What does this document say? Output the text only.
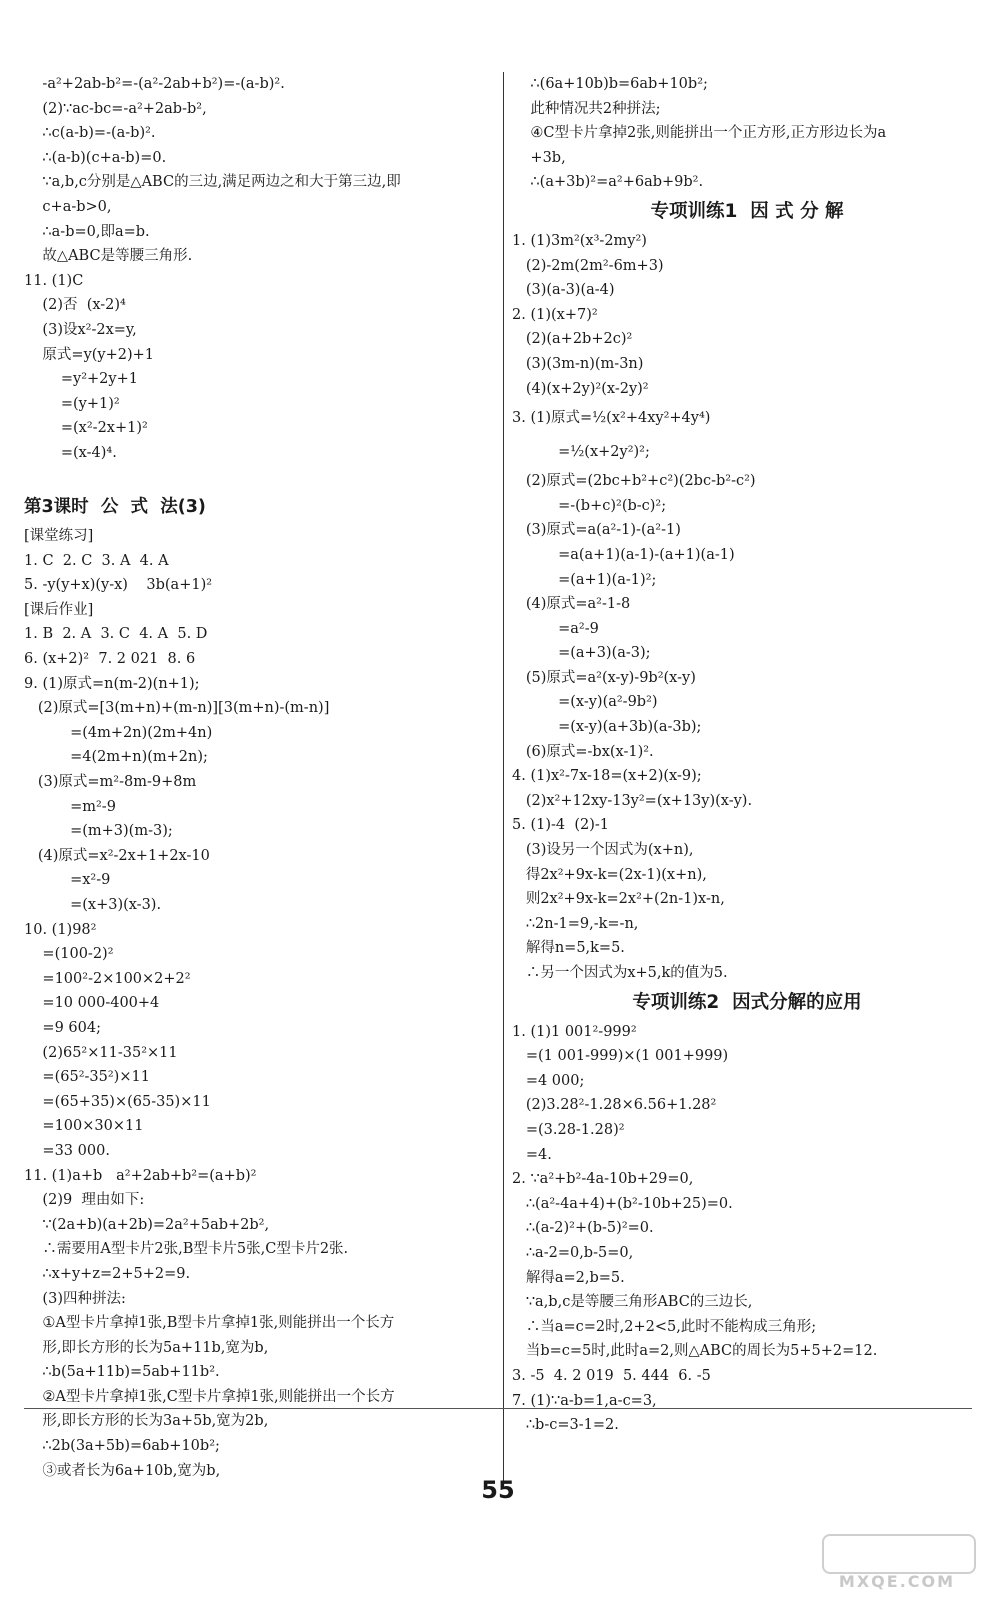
-a²+2ab-b²=-(a²-2ab+b²)=-(a-b)².
(2)∵ac-bc=-a²+2ab-b²,
∴c(a-b)=-(a-b)².
∴(a-b)(c+a-b)=0.
∵a,b,c分别是△ABC的三边,满足两边之和大于第三边,即
c+a-b>0,
∴a-b=0,即a=b.
故△ABC是等腰三角形.
11. (1)C
(2)否  (x-2)⁴
(3)设x²-2x=y,
原式=y(y+2)+1
=y²+2y+1
=(y+1)²
=(x²-2x+1)²
=(x-4)⁴.
第3课时  公  式  法(3)
[课堂练习]
1. C  2. C  3. A  4. A
5. -y(y+x)(y-x)    3b(a+1)²
[课后作业]
1. B  2. A  3. C  4. A  5. D
6. (x+2)²  7. 2 021  8. 6
9. (1)原式=n(m-2)(n+1);
(2)原式=[3(m+n)+(m-n)][3(m+n)-(m-n)]
=(4m+2n)(2m+4n)
=4(2m+n)(m+2n);
(3)原式=m²-8m-9+8m
=m²-9
=(m+3)(m-3);
(4)原式=x²-2x+1+2x-10
=x²-9
=(x+3)(x-3).
10. (1)98²
=(100-2)²
=100²-2×100×2+2²
=10 000-400+4
=9 604;
(2)65²×11-35²×11
=(65²-35²)×11
=(65+35)×(65-35)×11
=100×30×11
=33 000.
11. (1)a+b   a²+2ab+b²=(a+b)²
(2)9  理由如下:
∵(2a+b)(a+2b)=2a²+5ab+2b²,
∴需要用A型卡片2张,B型卡片5张,C型卡片2张.
∴x+y+z=2+5+2=9.
(3)四种拼法:
①A型卡片拿掉1张,B型卡片拿掉1张,则能拼出一个长方
形,即长方形的长为5a+11b,宽为b,
∴b(5a+11b)=5ab+11b².
②A型卡片拿掉1张,C型卡片拿掉1张,则能拼出一个长方
形,即长方形的长为3a+5b,宽为2b,
∴2b(3a+5b)=6ab+10b²;
③或者长为6a+10b,宽为b,
∴(6a+10b)b=6ab+10b²;
此种情况共2种拼法;
④C型卡片拿掉2张,则能拼出一个正方形,正方形边长为a
+3b,
∴(a+3b)²=a²+6ab+9b².
专项训练1  因 式 分 解
1. (1)3m²(x³-2my²)
(2)-2m(2m²-6m+3)
(3)(a-3)(a-4)
2. (1)(x+7)²
(2)(a+2b+2c)²
(3)(3m-n)(m-3n)
(4)(x+2y)²(x-2y)²
3. (1)原式=½(x²+4xy²+4y⁴)
=½(x+2y²)²;
(2)原式=(2bc+b²+c²)(2bc-b²-c²)
=-(b+c)²(b-c)²;
(3)原式=a(a²-1)-(a²-1)
=a(a+1)(a-1)-(a+1)(a-1)
=(a+1)(a-1)²;
(4)原式=a²-1-8
=a²-9
=(a+3)(a-3);
(5)原式=a²(x-y)-9b²(x-y)
=(x-y)(a²-9b²)
=(x-y)(a+3b)(a-3b);
(6)原式=-bx(x-1)².
4. (1)x²-7x-18=(x+2)(x-9);
(2)x²+12xy-13y²=(x+13y)(x-y).
5. (1)-4  (2)-1
(3)设另一个因式为(x+n),
得2x²+9x-k=(2x-1)(x+n),
则2x²+9x-k=2x²+(2n-1)x-n,
∴2n-1=9,-k=-n,
解得n=5,k=5.
∴另一个因式为x+5,k的值为5.
专项训练2  因式分解的应用
1. (1)1 001²-999²
=(1 001-999)×(1 001+999)
=4 000;
(2)3.28²-1.28×6.56+1.28²
=(3.28-1.28)²
=4.
2. ∵a²+b²-4a-10b+29=0,
∴(a²-4a+4)+(b²-10b+25)=0.
∴(a-2)²+(b-5)²=0.
∴a-2=0,b-5=0,
解得a=2,b=5.
∵a,b,c是等腰三角形ABC的三边长,
∴当a=c=2时,2+2<5,此时不能构成三角形;
当b=c=5时,此时a=2,则△ABC的周长为5+5+2=12.
3. -5  4. 2 019  5. 444  6. -5
7. (1)∵a-b=1,a-c=3,
∴b-c=3-1=2.
55
MXQE.COM
